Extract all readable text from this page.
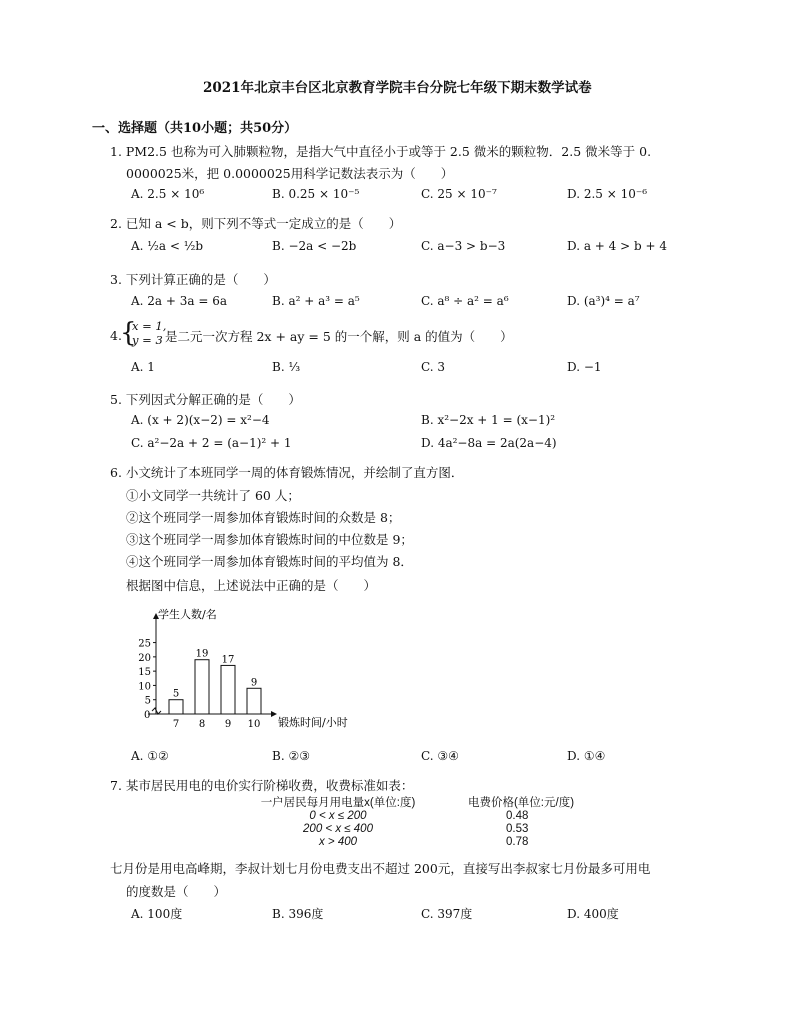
2021年北京丰台区北京教育学院丰台分院七年级下期末数学试卷
一、选择题（共10小题；共50分）
1. PM2.5 也称为可入肺颗粒物，是指大气中直径小于或等于 2.5 微米的颗粒物．2.5 微米等于 0.
0000025米，把 0.0000025用科学记数法表示为（　　）
A. 2.5 × 10⁶	B. 0.25 × 10⁻⁵	C. 25 × 10⁻⁷	D. 2.5 × 10⁻⁶
2. 已知 a < b，则下列不等式一定成立的是（　　）
A. ½a < ½b	B. −2a < −2b	C. a−3 > b−3	D. a + 4 > b + 4
3. 下列计算正确的是（　　）
A. 2a + 3a = 6a	B. a² + a³ = a⁵	C. a⁸ ÷ a² = a⁶	D. (a³)⁴ = a⁷
4.
{
x = 1,
y = 3 是二元一次方程 2x + ay = 5 的一个解，则 a 的值为（　　）
A. 1	B. ⅓	C. 3	D. −1
5. 下列因式分解正确的是（　　）
A. (x + 2)(x−2) = x²−4	B. x²−2x + 1 = (x−1)²
C. a²−2a + 2 = (a−1)² + 1	D. 4a²−8a = 2a(2a−4)
6. 小文统计了本班同学一周的体育锻炼情况，并绘制了直方图．
①小文同学一共统计了 60 人；
②这个班同学一周参加体育锻炼时间的众数是 8；
③这个班同学一周参加体育锻炼时间的中位数是 9；
④这个班同学一周参加体育锻炼时间的平均值为 8．
根据图中信息，上述说法中正确的是（　　）
学生人数/名
锻炼时间/小时
0
5
10
15
20
25
5
7
19
8
17
9
9
10
A. ①②	B. ②③	C. ③④	D. ①④
7. 某市居民用电的电价实行阶梯收费，收费标准如表：
一户居民每月用电量x(单位:度)		电费价格(单位:元/度)
0 < x ≤ 200		0.48
200 < x ≤ 400		0.53
x > 400		0.78
七月份是用电高峰期，李叔计划七月份电费支出不超过 200元，直接写出李叔家七月份最多可用电
的度数是（　　）
A. 100度	B. 396度	C. 397度	D. 400度
